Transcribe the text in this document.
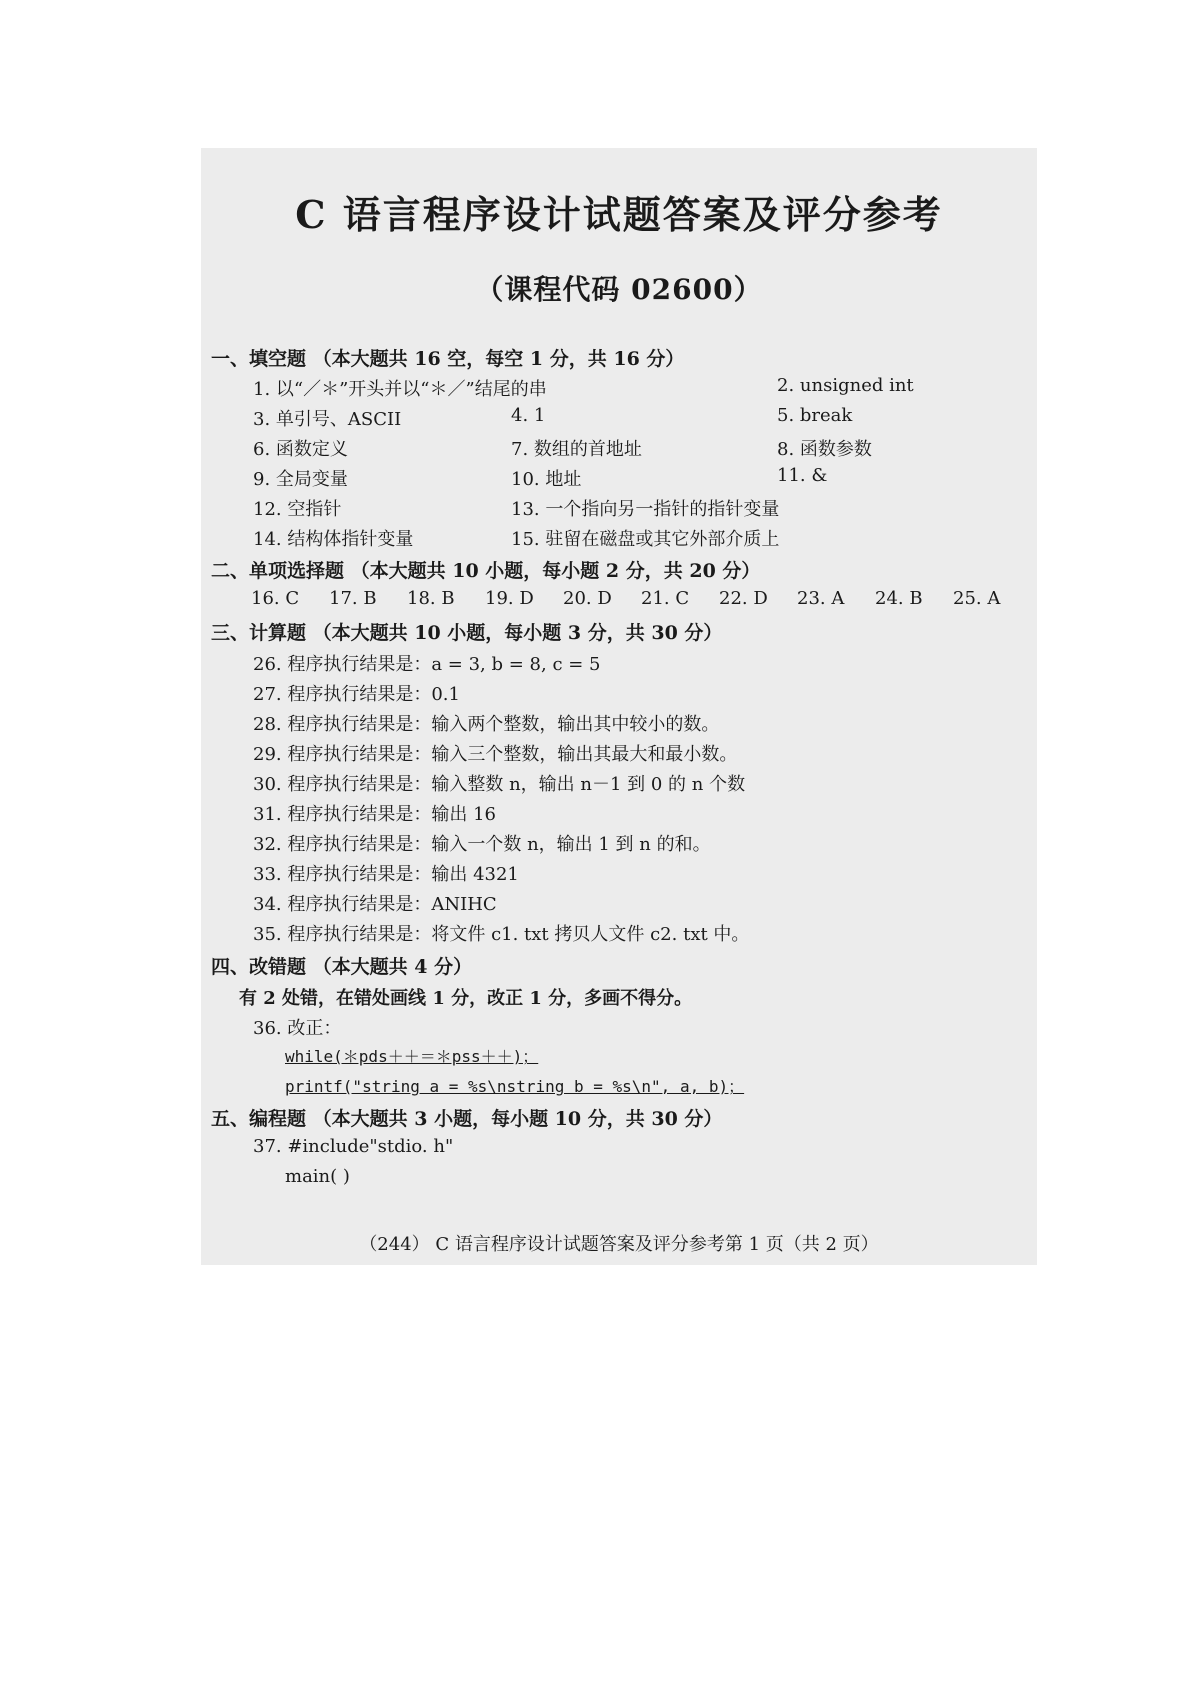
C 语言程序设计试题答案及评分参考
（课程代码 02600）
一、填空题 （本大题共 16 空，每空 1 分，共 16 分）
1. 以“／＊”开头并以“＊／”结尾的串	2. unsigned int
3. 单引号、ASCII	4. 1	5. break
6. 函数定义	7. 数组的首地址	8. 函数参数
9. 全局变量	10. 地址	11. &
12. 空指针	13. 一个指向另一指针的指针变量
14. 结构体指针变量	15. 驻留在磁盘或其它外部介质上
二、单项选择题 （本大题共 10 小题，每小题 2 分，共 20 分）
16. C 17. B 18. B 19. D 20. D 21. C 22. D 23. A 24. B 25. A
三、计算题 （本大题共 10 小题，每小题 3 分，共 30 分）
26. 程序执行结果是：a = 3, b = 8, c = 5
27. 程序执行结果是：0.1
28. 程序执行结果是：输入两个整数，输出其中较小的数。
29. 程序执行结果是：输入三个整数，输出其最大和最小数。
30. 程序执行结果是：输入整数 n，输出 n－1 到 0 的 n 个数
31. 程序执行结果是：输出 16
32. 程序执行结果是：输入一个数 n，输出 1 到 n 的和。
33. 程序执行结果是：输出 4321
34. 程序执行结果是：ANIHC
35. 程序执行结果是：将文件 c1. txt 拷贝人文件 c2. txt 中。
四、改错题 （本大题共 4 分）
有 2 处错，在错处画线 1 分，改正 1 分，多画不得分。
36. 改正：
while(＊pds＋＋＝＊pss＋＋)；
printf("string a = %s\nstring b = %s\n", a, b)；
五、编程题 （本大题共 3 小题，每小题 10 分，共 30 分）
37. #include"stdio. h"
main( )
（244） C 语言程序设计试题答案及评分参考第 1 页（共 2 页）
